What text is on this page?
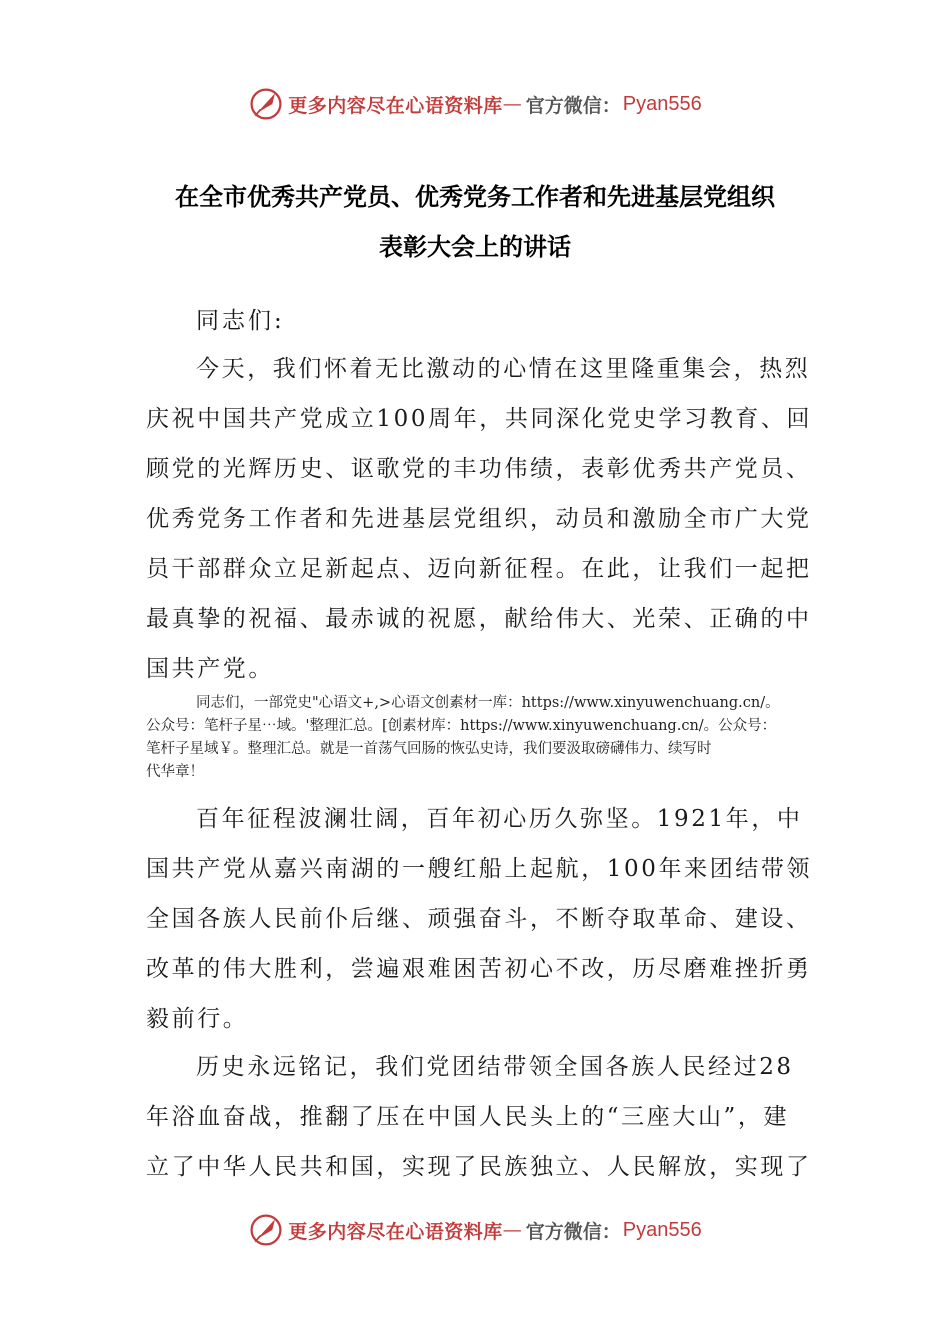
更多内容尽在心语资料库 — 官方微信： Pyan556
在全市优秀共产党员、优秀党务工作者和先进基层党组织
表彰大会上的讲话
同志们:
今天，我们怀着无比激动的心情在这里隆重集会，热烈
庆祝中国共产党成立100周年，共同深化党史学习教育、回
顾党的光辉历史、讴歌党的丰功伟绩，表彰优秀共产党员、
优秀党务工作者和先进基层党组织，动员和激励全市广大党
员干部群众立足新起点、迈向新征程。在此，让我们一起把
最真挚的祝福、最赤诚的祝愿，献给伟大、光荣、正确的中
国共产党。
同志们，一部党史"心语文+,>心语文创素材一库：https://www.xinyuwenchuang.cn/。
公众号：笔杆子星⋯域。'整理汇总。[创素材库：https://www.xinyuwenchuang.cn/。公众号：
笔杆子星域￥。整理汇总。就是一首荡气回肠的恢弘史诗，我们要汲取磅礴伟力、续写时
代华章！
百年征程波澜壮阔，百年初心历久弥坚。1921年，中
国共产党从嘉兴南湖的一艘红船上起航，100年来团结带领
全国各族人民前仆后继、顽强奋斗，不断夺取革命、建设、
改革的伟大胜利，尝遍艰难困苦初心不改，历尽磨难挫折勇
毅前行。
历史永远铭记，我们党团结带领全国各族人民经过28
年浴血奋战，推翻了压在中国人民头上的“三座大山”，建
立了中华人民共和国，实现了民族独立、人民解放，实现了
更多内容尽在心语资料库 — 官方微信： Pyan556
